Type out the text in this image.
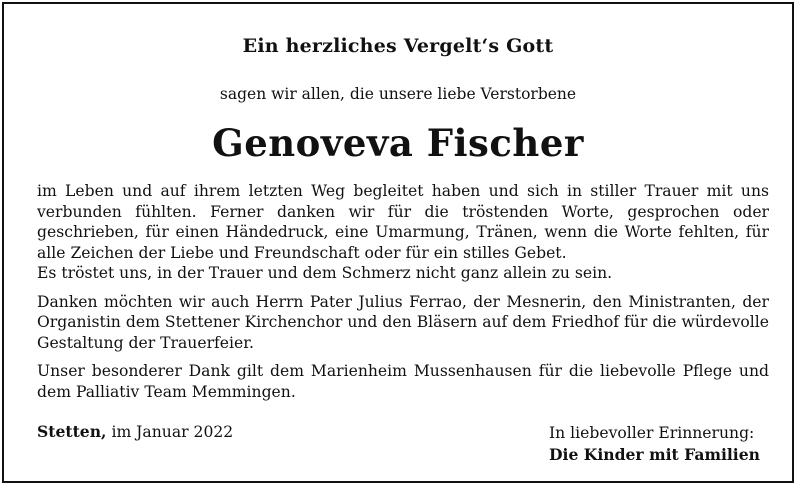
Ein herzliches Vergelt‘s Gott
sagen wir allen, die unsere liebe Verstorbene
Genoveva Fischer

im Leben und auf ihrem letzten Weg begleitet haben und sich in stiller Trauer mit uns verbunden fühlten. Ferner danken wir für die tröstenden Worte, gesprochen oder geschrieben, für einen Händedruck, eine Umarmung, Tränen, wenn die Worte fehlten, für alle Zeichen der Liebe und Freundschaft oder für ein stilles Gebet.

Es tröstet uns, in der Trauer und dem Schmerz nicht ganz allein zu sein.

Danken möchten wir auch Herrn Pater Julius Ferrao, der Mesnerin, den Ministranten, der Organistin dem Stettener Kirchenchor und den Bläsern auf dem Friedhof für die würdevolle Gestaltung der Trauerfeier.

Unser besonderer Dank gilt dem Marienheim Mussenhausen für die liebevolle Pflege und dem Palliativ Team Memmingen.

Stetten, im Januar 2022	In liebevoller Erinnerung:
Die Kinder mit Familien
